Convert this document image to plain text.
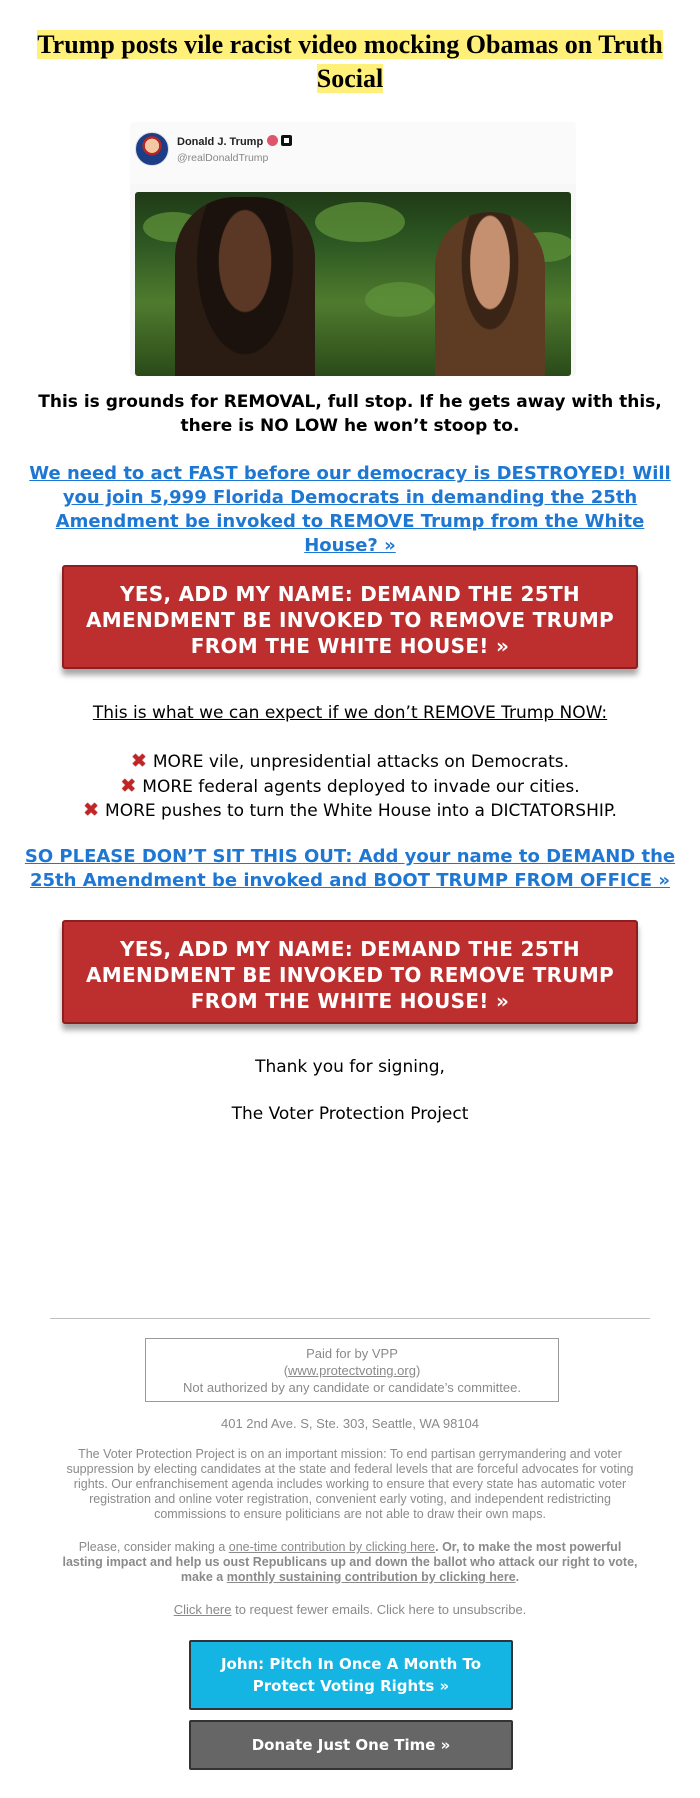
Trump posts vile racist video mocking Obamas on Truth Social
Donald J. Trump
@realDonaldTrump

This is grounds for REMOVAL, full stop. If he gets away with this, there is NO LOW he won’t stoop to.

We need to act FAST before our democracy is DESTROYED! Will you join 5,999 Florida Democrats in demanding the 25th Amendment be invoked to REMOVE Trump from the White House? »
YES, ADD MY NAME: DEMAND THE 25TH AMENDMENT BE INVOKED TO REMOVE TRUMP FROM THE WHITE HOUSE! »

This is what we can expect if we don’t REMOVE Trump NOW:

✖ MORE vile, unpresidential attacks on Democrats.
✖ MORE federal agents deployed to invade our cities.
✖ MORE pushes to turn the White House into a DICTATORSHIP.
SO PLEASE DON’T SIT THIS OUT: Add your name to DEMAND the 25th Amendment be invoked and BOOT TRUMP FROM OFFICE »
YES, ADD MY NAME: DEMAND THE 25TH AMENDMENT BE INVOKED TO REMOVE TRUMP FROM THE WHITE HOUSE! »

Thank you for signing,

The Voter Protection Project

Paid for by VPP
(www.protectvoting.org)
Not authorized by any candidate or candidate’s committee.

401 2nd Ave. S, Ste. 303, Seattle, WA 98104

The Voter Protection Project is on an important mission: To end partisan gerrymandering and voter suppression by electing candidates at the state and federal levels that are forceful advocates for voting rights. Our enfranchisement agenda includes working to ensure that every state has automatic voter registration and online voter registration, convenient early voting, and independent redistricting commissions to ensure politicians are not able to draw their own maps.

Please, consider making a one-time contribution by clicking here. Or, to make the most powerful lasting impact and help us oust Republicans up and down the ballot who attack our right to vote, make a monthly sustaining contribution by clicking here.

Click here to request fewer emails. Click here to unsubscribe.

John: Pitch In Once A Month To Protect Voting Rights »
Donate Just One Time »
